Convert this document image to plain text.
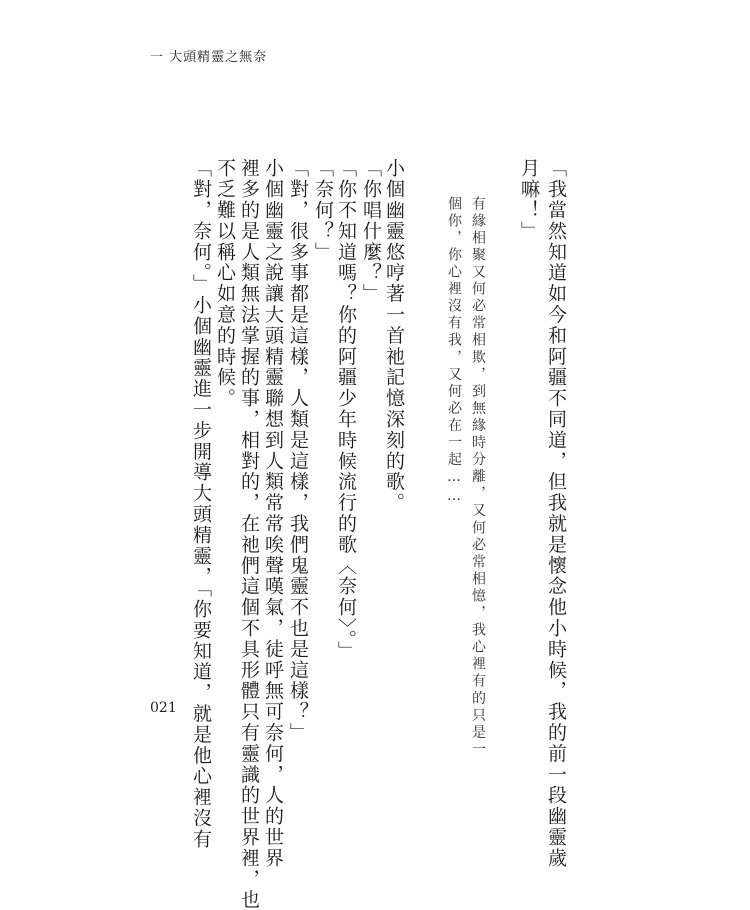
一 大頭精靈之無奈
「我當然知道如今和阿疆不同道，但我就是懷念他小時候，我的前一段幽靈歲
月嘛！」
有緣相聚又何必常相欺，到無緣時分離，又何必常相憶，我心裡有的只是一
個你，你心裡沒有我，又何必在一起……
小個幽靈悠哼著一首祂記憶深刻的歌。
「你唱什麼？」
「你不知道嗎？你的阿疆少年時候流行的歌〈奈何〉。」
「奈何？」
「對，很多事都是這樣，人類是這樣，我們鬼靈不也是這樣？」
小個幽靈之說讓大頭精靈聯想到人類常常唉聲嘆氣，徒呼無可奈何，人的世界
裡多的是人類無法掌握的事，相對的，在祂們這個不具形體只有靈識的世界裡，也
不乏難以稱心如意的時候。
「對，奈何。」小個幽靈進一步開導大頭精靈，「你要知道，就是他心裡沒有
021
